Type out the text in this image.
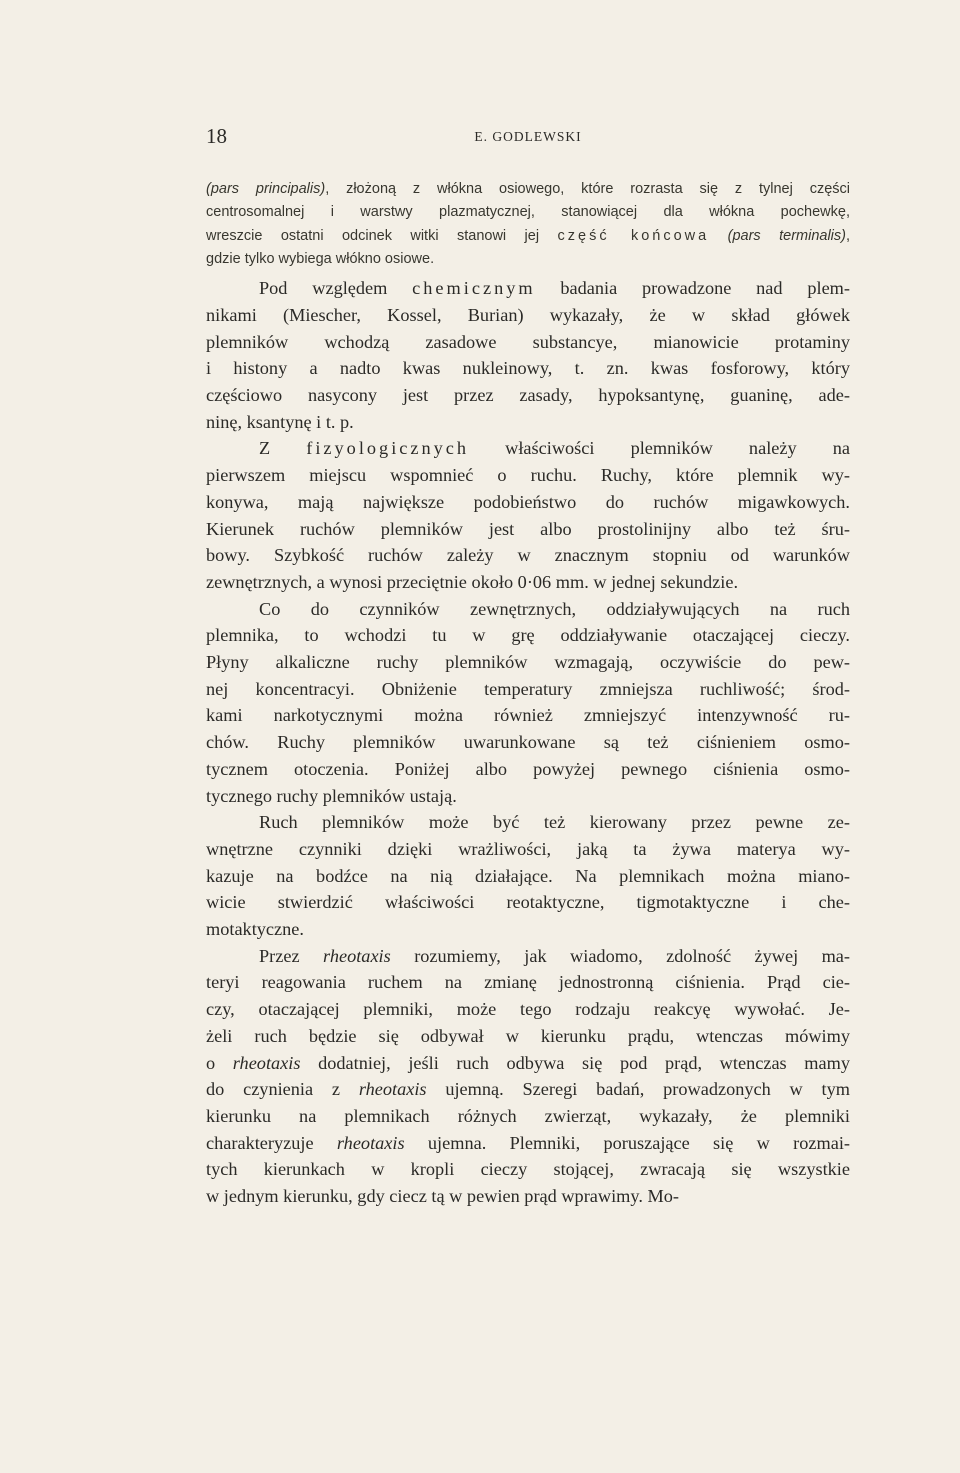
18	E. GODLEWSKI
(pars principalis), złożoną z włókna osiowego, które rozrasta się z tylnej części
centrosomalnej i warstwy plazmatycznej, stanowiącej dla włókna pochewkę,
wreszcie ostatni odcinek witki stanowi jej część końcowa (pars terminalis),
gdzie tylko wybiega włókno osiowe.
Pod względem chemicznym badania prowadzone nad plem-
nikami (Miescher, Kossel, Burian) wykazały, że w skład główek
plemników wchodzą zasadowe substancye, mianowicie protaminy
i histony a nadto kwas nukleinowy, t. zn. kwas fosforowy, który
częściowo nasycony jest przez zasady, hypoksantynę, guaninę, ade-
ninę, ksantynę i t. p.
Z fizyologicznych właściwości plemników należy na
pierwszem miejscu wspomnieć o ruchu. Ruchy, które plemnik wy-
konywa, mają największe podobieństwo do ruchów migawkowych.
Kierunek ruchów plemników jest albo prostolinijny albo też śru-
bowy. Szybkość ruchów zależy w znacznym stopniu od warunków
zewnętrznych, a wynosi przeciętnie około 0·06 mm. w jednej sekundzie.
Co do czynników zewnętrznych, oddziaływujących na ruch
plemnika, to wchodzi tu w grę oddziaływanie otaczającej cieczy.
Płyny alkaliczne ruchy plemników wzmagają, oczywiście do pew-
nej koncentracyi. Obniżenie temperatury zmniejsza ruchliwość; środ-
kami narkotycznymi można również zmniejszyć intenzywność ru-
chów. Ruchy plemników uwarunkowane są też ciśnieniem osmo-
tycznem otoczenia. Poniżej albo powyżej pewnego ciśnienia osmo-
tycznego ruchy plemników ustają.
Ruch plemników może być też kierowany przez pewne ze-
wnętrzne czynniki dzięki wrażliwości, jaką ta żywa materya wy-
kazuje na bodźce na nią działające. Na plemnikach można miano-
wicie stwierdzić właściwości reotaktyczne, tigmotaktyczne i che-
motaktyczne.
Przez rheotaxis rozumiemy, jak wiadomo, zdolność żywej ma-
teryi reagowania ruchem na zmianę jednostronną ciśnienia. Prąd cie-
czy, otaczającej plemniki, może tego rodzaju reakcyę wywołać. Je-
żeli ruch będzie się odbywał w kierunku prądu, wtenczas mówimy
o rheotaxis dodatniej, jeśli ruch odbywa się pod prąd, wtenczas mamy
do czynienia z rheotaxis ujemną. Szeregi badań, prowadzonych w tym
kierunku na plemnikach różnych zwierząt, wykazały, że plemniki
charakteryzuje rheotaxis ujemna. Plemniki, poruszające się w rozmai-
tych kierunkach w kropli cieczy stojącej, zwracają się wszystkie
w jednym kierunku, gdy ciecz tą w pewien prąd wprawimy. Mo-
